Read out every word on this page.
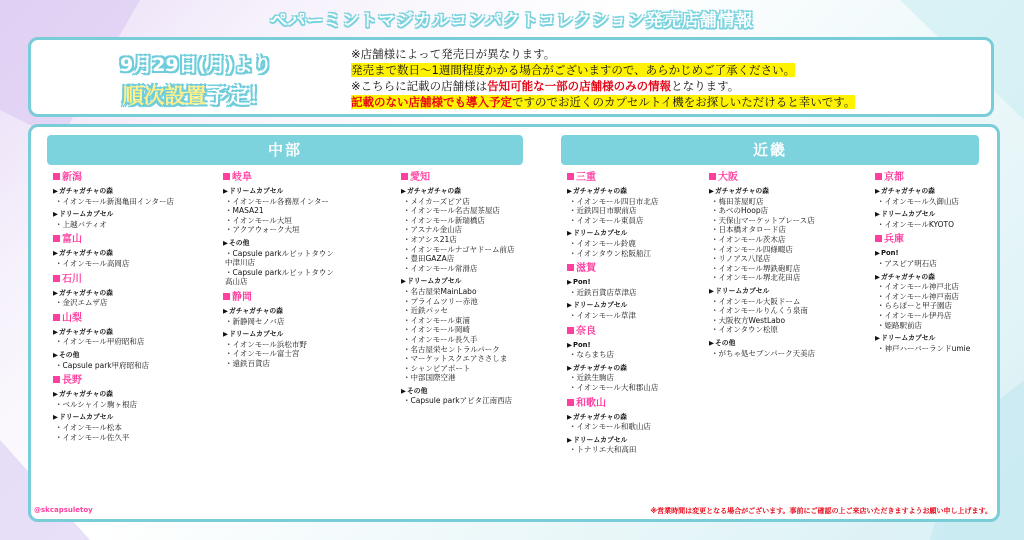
ペパーミントマジカルコンパクトコレクション発売店舗情報
9月29日(月)より
順次設置予定！
※店舗様によって発売日が異なります。
発売まで数日～1週間程度かかる場合がございますので、あらかじめご了承ください。
※こちらに記載の店舗様は告知可能な一部の店舗様のみの情報となります。
記載のない店舗様でも導入予定ですのでお近くのカプセルトイ機をお探しいただけると幸いです。
中部	近畿
新潟
▶ガチャガチャの森
・イオンモール新潟亀田インター店
▶ドリームカプセル
・上越バティオ
富山
▶ガチャガチャの森
・イオンモール高岡店
石川
▶ガチャガチャの森
・金沢エムザ店
山梨
▶ガチャガチャの森
・イオンモール甲府昭和店
▶その他
・Capsule park甲府昭和店
長野
▶ガチャガチャの森
・ベルシャイン駒ヶ根店
▶ドリームカプセル
・イオンモール松本
・イオンモール佐久平
岐阜
▶ドリームカプセル
・イオンモール各務原インター
・MASA21
・イオンモール大垣
・アクアウォーク大垣
▶その他
・Capsule parkルビットタウン
中津川店
・Capsule parkルビットタウン
高山店
静岡
▶ガチャガチャの森
・新静岡セノバ店
▶ドリームカプセル
・イオンモール浜松市野
・イオンモール富士宮
・遠鉄百貨店
愛知
▶ガチャガチャの森
・メイカーズピア店
・イオンモール名古屋茶屋店
・イオンモール新瑞橋店
・アスナル金山店
・オアシス21店
・イオンモールナゴヤドーム前店
・豊田GAZA店
・イオンモール常滑店
▶ドリームカプセル
・名古屋栄MainLabo
・プライムツリー赤池
・近鉄パッセ
・イオンモール東浦
・イオンモール岡崎
・イオンモール長久手
・名古屋栄セントラルパーク
・マーケットスクエアささしま
・シャンピアポート
・中部国際空港
▶その他
・Capsule parkアピタ江南西店
三重
▶ガチャガチャの森
・イオンモール四日市北店
・近鉄四日市駅前店
・イオンモール東員店
▶ドリームカプセル
・イオンモール鈴鹿
・イオンタウン松阪船江
滋賀
▶Pon!
・近鉄百貨店草津店
▶ドリームカプセル
・イオンモール草津
奈良
▶Pon!
・ならまち店
▶ガチャガチャの森
・近鉄生駒店
・イオンモール大和郡山店
和歌山
▶ガチャガチャの森
・イオンモール和歌山店
▶ドリームカプセル
・トナリエ大和高田
大阪
▶ガチャガチャの森
・梅田茶屋町店
・あべのHoop店
・天保山マーケットプレース店
・日本橋オタロード店
・イオンモール茨木店
・イオンモール四條畷店
・リノアス八尾店
・イオンモール堺鉄砲町店
・イオンモール堺北花田店
▶ドリームカプセル
・イオンモール大阪ドーム
・イオンモールりんくう泉南
・大阪枚方WestLabo
・イオンタウン松原
▶その他
・がちゃ処セブンパーク天美店
京都
▶ガチャガチャの森
・イオンモール久御山店
▶ドリームカプセル
・イオンモールKYOTO
兵庫
▶Pon!
・アスピア明石店
▶ガチャガチャの森
・イオンモール神戸北店
・イオンモール神戸南店
・ららぽーと甲子園店
・イオンモール伊丹店
・姫路駅前店
▶ドリームカプセル
・神戸ハーバーランドumie
@skcapsuletoy	※営業時間は変更となる場合がございます。事前にご確認の上ご来店いただきますようお願い申し上げます。
